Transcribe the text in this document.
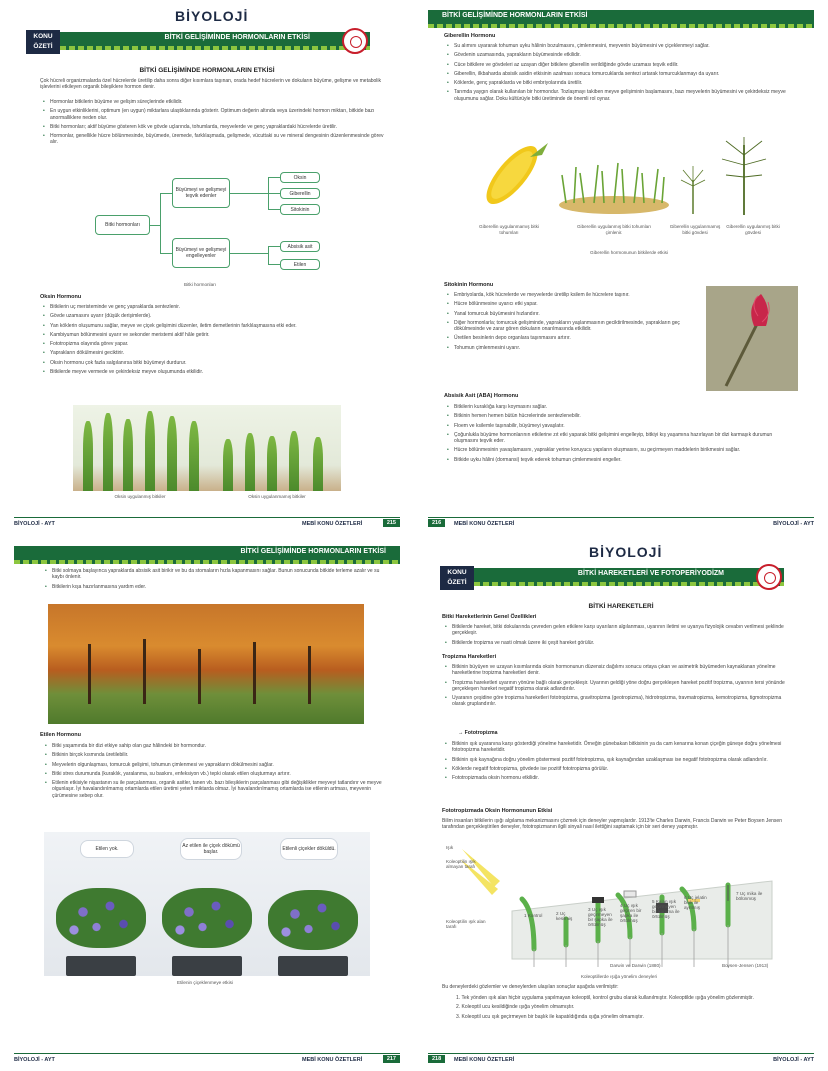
BİYOLOJİ
KONU
ÖZETİ
BİTKİ GELİŞİMİNDE HORMONLARIN ETKİSİ
BİTKİ GELİŞİMİNDE HORMONLARIN ETKİSİ
Çok hücreli organizmalarda özel hücrelerde üretilip daha sonra diğer kısımlara taşınan, orada hedef hücrelerin ve dokuların büyüme, gelişme ve metabolik işlevlerini etkileyen organik bileşiklere hormon denir.
• Hormonlar bitkilerin büyüme ve gelişim süreçlerinde etkilidir.
• En uygun etkinliklerini, optimum (en uygun) miktarlara ulaştıklarında gösterir. Optimum değerin altında veya üzerindeki hormon miktarı, bitkide bazı anormalliklere neden olur.
• Bitki hormonları; aktif büyüme gösteren kök ve gövde uçlarında, tohumlarda, meyvelerde ve genç yapraklardaki hücrelerde üretilir.
• Hormonlar, genellikle hücre bölünmesinde, büyümede, üremede, farklılaşmada, gelişmede, vücuttaki su ve mineral dengesinin düzenlenmesinde görev alır.
Bitki hormonları
Büyümeyi ve gelişmeyi teşvik edenler
Büyümeyi ve gelişmeyi engelleyenler
Oksin
Giberellin
Sitokinin
Absisik asit
Etilen
Bitki hormonları
Oksin Hormonu
• Bitkilerin uç meristeminde ve genç yapraklarda sentezlenir.
• Gövde uzamasını uyarır (düşük derişimlerde).
• Yan köklerin oluşumunu sağlar, meyve ve çiçek gelişimini düzenler, iletim demetlerinin farklılaşmasına etki eder.
• Kambiyumun bölünmesini uyarır ve sekonder meristemi aktif hâle getirir.
• Fototropizma olayında görev yapar.
• Yaprakların dökülmesini geciktirir.
• Oksin hormonu çok fazla salgılanırsa bitki büyümeyi durdurur.
• Bitkilerde meyve vermede ve çekirdeksiz meyve oluşumunda etkilidir.
Oksin uygulanmış bitkiler	Oksin uygulanmamış bitkiler
BİYOLOJİ - AYT	MEBİ KONU ÖZETLERİ	215
BİTKİ GELİŞİMİNDE HORMONLARIN ETKİSİ
Giberellin Hormonu
• Su alımını uyararak tohumun uyku hâlinin bozulmasını, çimlenmesini, meyvenin büyümesini ve çiçeklenmeyi sağlar.
• Gövdenin uzamasında, yaprakların büyümesinde etkilidir.
• Cüce bitkilere ve gövdeleri az uzayan diğer bitkilere giberellin verildiğinde gövde uzaması teşvik edilir.
• Giberellin, ilkbaharda absisik asidin etkisinin azalması sonucu tomurcuklarda sentezi artarak tomurcuklanmayı da uyarır.
• Köklerde, genç yapraklarda ve bitki embriyolarında üretilir.
• Tarımda yaygın olarak kullanılan bir hormondur. Tozlaşmayı takiben meyve gelişiminin başlamasını, bazı meyvelerin büyümesini ve çekirdeksiz meyve oluşumunu sağlar. Doku kültürüyle bitki üretiminde de önemli rol oynar.
Giberellin uygulanmamış bitki tohumları
Giberellin uygulanmış bitki tohumları çimlenir.
Giberellin uygulanmamış bitki gövdesi
Giberellin uygulanmış bitki gövdesi
Giberellin hormonunun bitkilerde etkisi
Sitokinin Hormonu
• Embriyolarda, kök hücrelerde ve meyvelerde üretilip ksilem ile hücrelere taşınır.
• Hücre bölünmesine uyarıcı etki yapar.
• Yanal tomurcuk büyümesini hızlandırır.
• Diğer hormonlarla; tomurcuk gelişiminde, yaprakların yaşlanmasının geciktirilmesinde, yaprakların geç dökülmesinde ve zarar gören dokuların onarılmasında etkilidir.
• Üretilen besinlerin depo organlara taşınmasını artırır.
• Tohumun çimlenmesini uyarır.
Absisik Asit (ABA) Hormonu
• Bitkilerin kuraklığa karşı koymasını sağlar.
• Bitkinin hemen hemen bütün hücrelerinde sentezlenebilir.
• Floem ve ksilemle taşınabilir, büyümeyi yavaşlatır.
• Çoğunlukla büyüme hormonlarının etkilerine zıt etki yaparak bitki gelişimini engelleyip, bitkiyi kış yaşamına hazırlayan bir dizi karmaşık durumun oluşmasını teşvik eder.
• Hücre bölünmesinin yavaşlamasını, yapraklar yerine koruyucu yapıların oluşmasını, su geçirmeyen maddelerin birikmesini sağlar.
• Bitkide uyku hâlini (dormansi) teşvik ederek tohumun çimlenmesini engeller.
216	MEBİ KONU ÖZETLERİ	BİYOLOJİ - AYT
BİTKİ GELİŞİMİNDE HORMONLARIN ETKİSİ
• Bitki solmaya başlayınca yapraklarda absisik asit birikir ve bu da stomaların hızla kapanmasını sağlar. Bunun sonucunda bitkide terleme azalır ve su kaybı önlenir.
• Bitkilerin kışa hazırlanmasına yardım eder.
Etilen Hormonu
• Bitki yaşamında bir dizi etkiye sahip olan gaz hâlindeki bir hormondur.
• Bitkinin birçok kısmında üretilebilir.
• Meyvelerin olgunlaşması, tomurcuk gelişimi, tohumun çimlenmesi ve yaprakların dökülmesini sağlar.
• Bitki stres durumunda (kuraklık, yaralanma, su baskını, enfeksiyon vb.) tepki olarak etilen oluşturmayı artırır.
• Etilenin etkisiyle nişastanın su ile parçalanması, organik asitler, tanen vb. bazı bileşiklerin parçalanması gibi değişiklikler meyveyi tatlandırır ve meyve olgunlaşır. İyi havalandırılmamış ortamlarda etilen üretimi yeterli miktarda olmaz. İyi havalandırılmamış ortamlarda ise etilenin artması, meyvenin çürümesine sebep olur.
Etilen yok.	Az etilen ile çiçek dökümü başlar.	Etilenli çiçekler döküldü.
Etilenin çiçeklenmeye etkisi
BİYOLOJİ - AYT	MEBİ KONU ÖZETLERİ	217
BİYOLOJİ
KONU
ÖZETİ
BİTKİ HAREKETLERİ VE FOTOPERİYODİZM
BİTKİ HAREKETLERİ
Bitki Hareketlerinin Genel Özellikleri
• Bitkilerde hareket, bitki dokularında çevreden gelen etkilere karşı uyarıların algılanması, uyarının iletimi ve uyarıya fizyolojik cevabın verilmesi şeklinde gerçekleşir.
• Bitkilerde tropizma ve nasti olmak üzere iki çeşit hareket görülür.
Tropizma Hareketleri
• Bitkinin büyüyen ve uzayan kısımlarında oksin hormonunun düzensiz dağılımı sonucu ortaya çıkan ve asimetrik büyümeden kaynaklanan yönelme hareketlerine tropizma hareketleri denir.
• Tropizma hareketleri uyarının yönüne bağlı olarak gerçekleşir. Uyarının geldiği yöne doğru gerçekleşen hareket pozitif tropizma, uyarının tersi yönünde gerçekleşen hareket negatif tropizma olarak adlandırılır.
• Uyaranın çeşidine göre tropizma hareketleri fototropizma, gravitropizma (geotropizma), hidrotropizma, travmatropizma, kemotropizma, tigmotropizma olarak gruplandırılır.
→ Fototropizma
• Bitkinin ışık uyaranına karşı gösterdiği yönelme hareketidir. Örneğin günebakan bitkisinin ya da cam kenarına konan çiçeğin güneşe doğru yönelmesi fototropizma hareketidir.
• Bitkinin ışık kaynağına doğru yönelim göstermesi pozitif fototropizma, ışık kaynağından uzaklaşması ise negatif fototropizma olarak adlandırılır.
• Köklerde negatif fototropizma, gövdede ise pozitif fototropizma görülür.
• Fototropizmada oksin hormonu etkilidir.
Fototropizmada Oksin Hormonunun Etkisi
Bilim insanları bitkilerin ışığı algılama mekanizmasını çözmek için deneyler yapmışlardır. 1913'te Charles Darwin, Francis Darwin ve Peter Boysen Jensen tarafından gerçekleştirilen deneyler, fototropizmanın ilgili sinyali nasıl ilettiğini saptamak için bir seri deney yapmıştır.
Işık
Koleoptilin ışık almayan tarafı
Koleoptilin ışık alan tarafı
1 Kontrol	2 Uç kesilmiş
3 Uç ışık geçirmeyen bir şapka ile örtülmüş
4 Uç ışık geçiren bir şapka ile örtülmüş
5 Kalan ışık geçirmeyen bir koruma ile örtülmüş
6 Uç jelatin blok ile ayrılmış
7 Uç mika ile bölünmüş
Darwin ve Darwin (1880)	Boysen-Jensen (1913)
Koleoptillerde ışığa yönelim deneyleri
Bu deneylerdeki gözlemler ve deneylerden ulaşılan sonuçlar aşağıda verilmiştir:
1. Tek yönden ışık alan hiçbir uygulama yapılmayan koleoptil, kontrol grubu olarak kullanılmıştır. Koleoptilde ışığa yönelim gözlenmiştir.
2. Koleoptil ucu kesildiğinde ışığa yönelim olmamıştır.
3. Koleoptil ucu ışık geçirmeyen bir başlık ile kapatıldığında ışığa yönelim olmamıştır.
218	MEBİ KONU ÖZETLERİ	BİYOLOJİ - AYT
